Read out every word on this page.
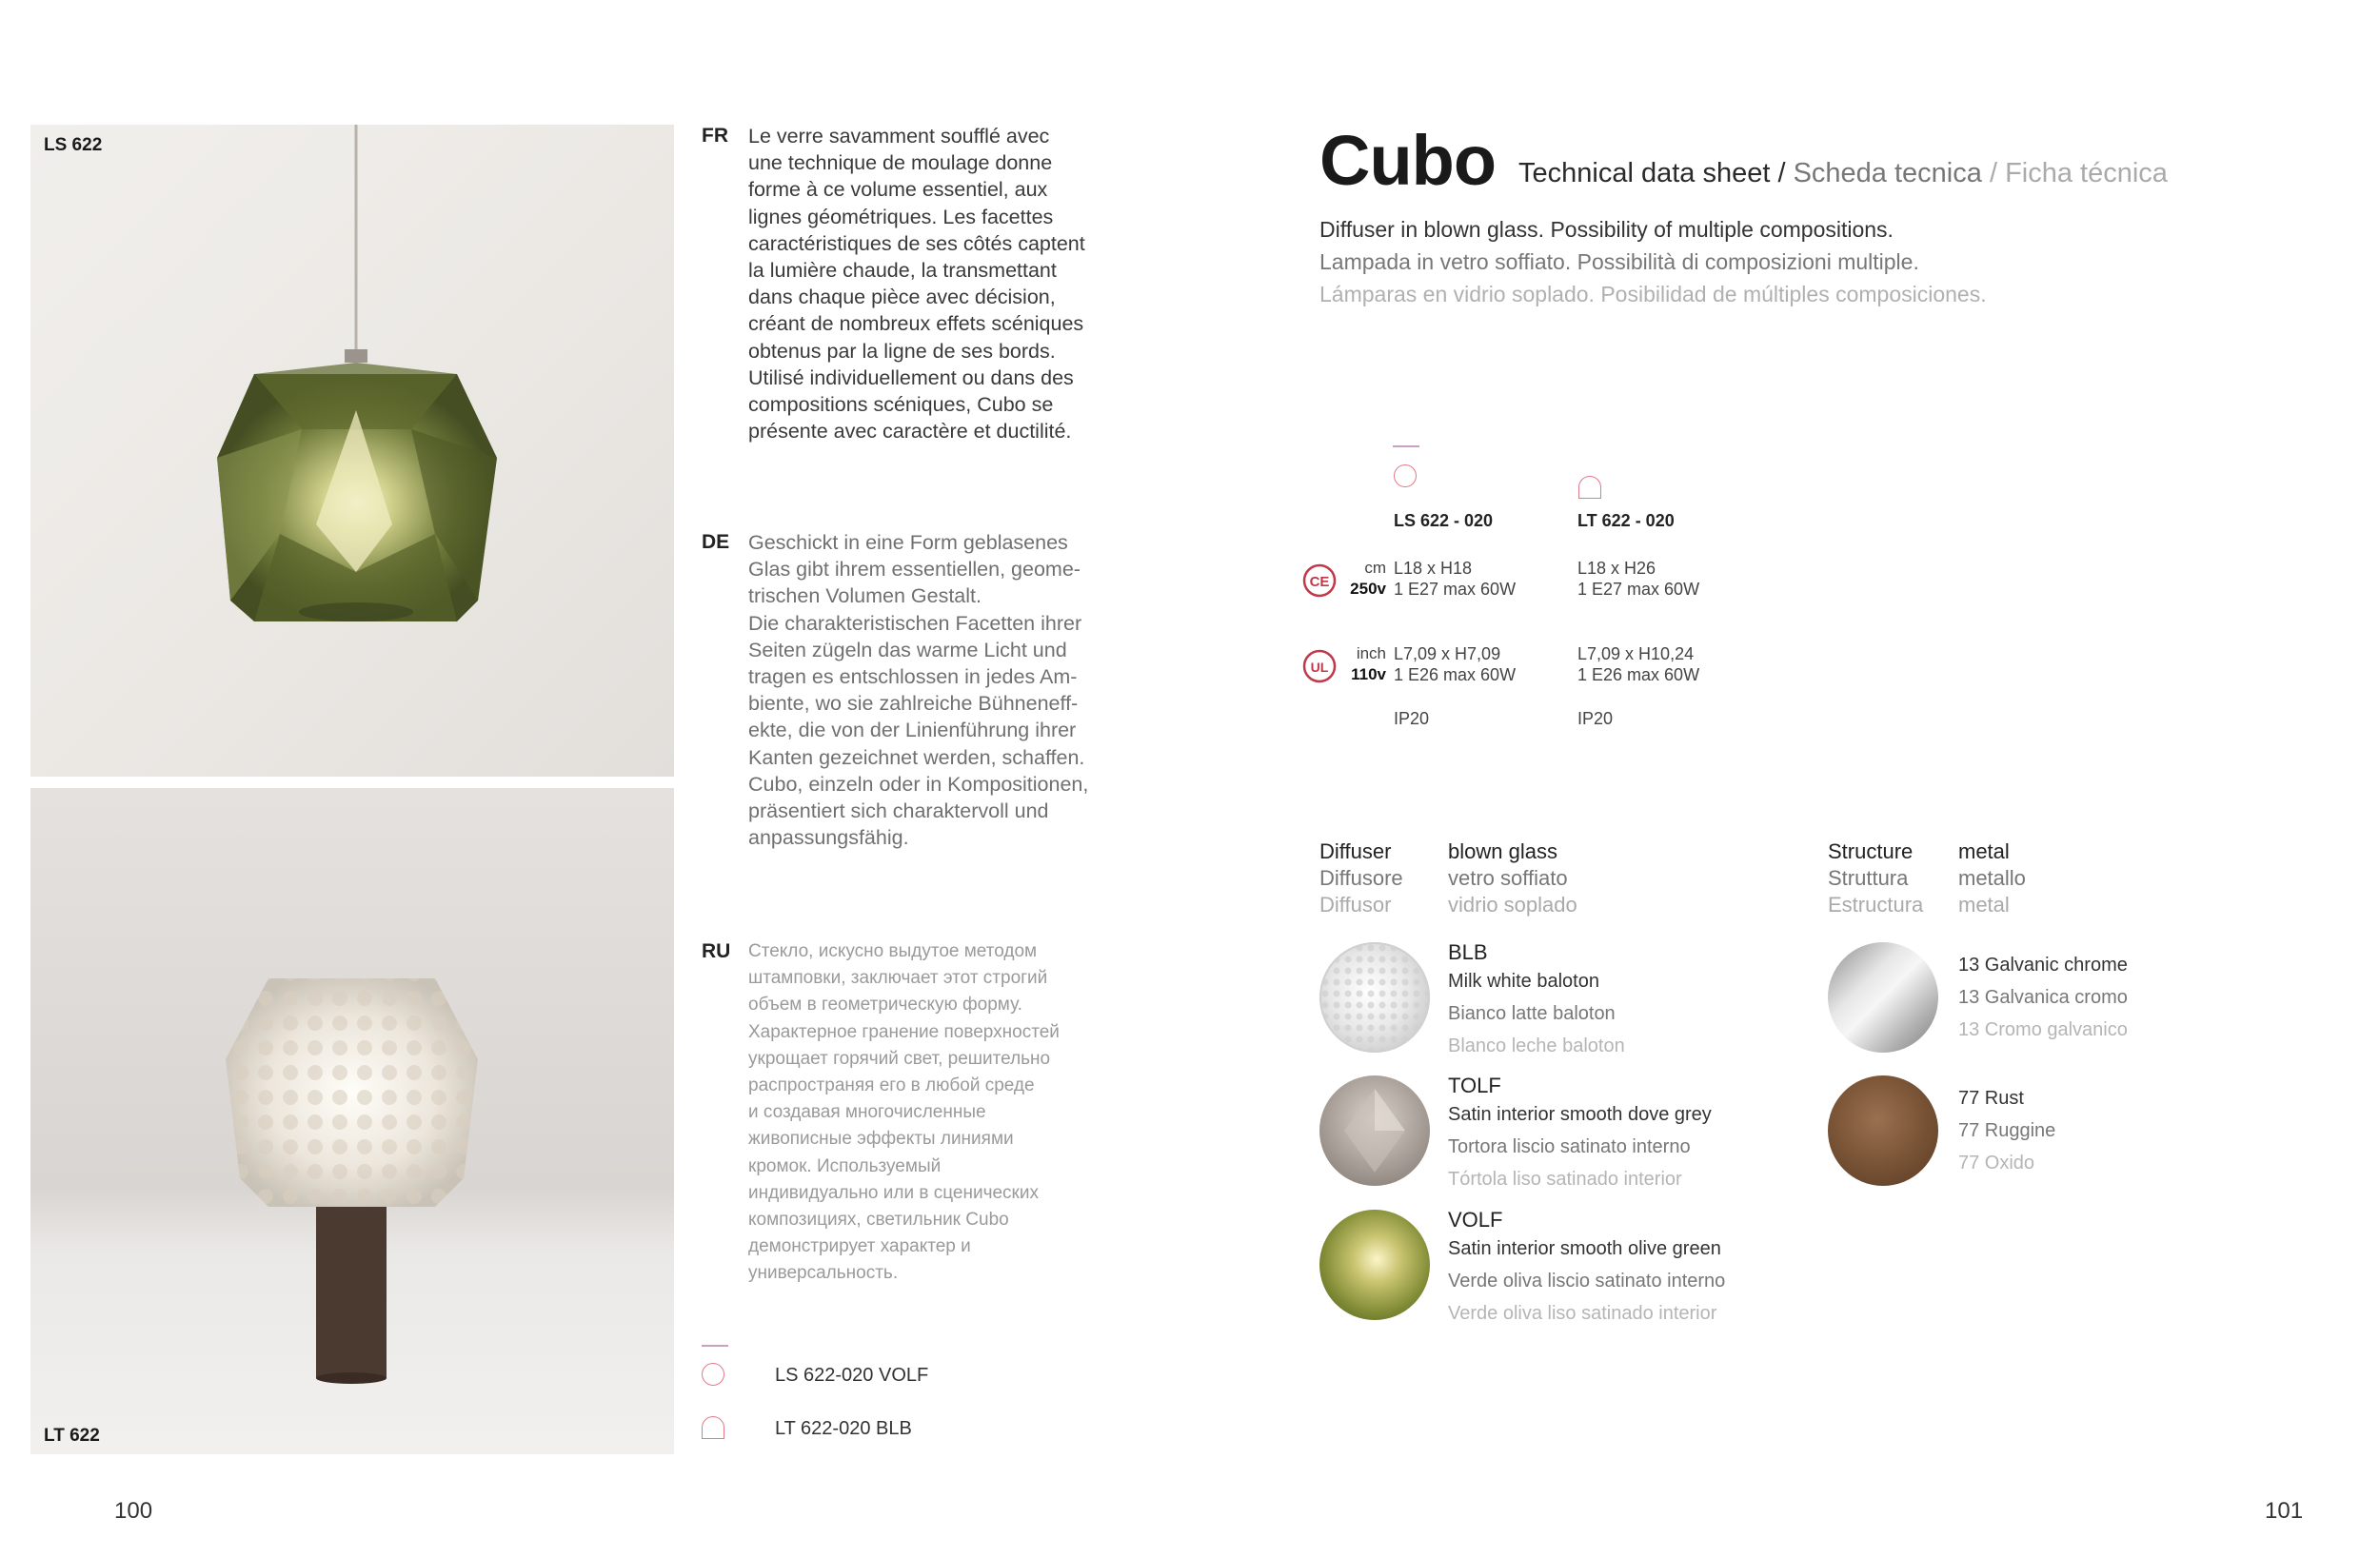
LS 622
LT 622
FR Le verre savamment soufflé avec
une technique de moulage donne
forme à ce volume essentiel, aux
lignes géométriques. Les facettes
caractéristiques de ses côtés captent
la lumière chaude, la transmettant
dans chaque pièce avec décision,
créant de nombreux effets scéniques
obtenus par la ligne de ses bords.
Utilisé individuellement ou dans des
compositions scéniques, Cubo se
présente avec caractère et ductilité.
DE Geschickt in eine Form geblasenes
Glas gibt ihrem essentiellen, geome-
trischen Volumen Gestalt.
Die charakteristischen Facetten ihrer
Seiten zügeln das warme Licht und
tragen es entschlossen in jedes Am-
biente, wo sie zahlreiche Bühneneff-
ekte, die von der Linienführung ihrer
Kanten gezeichnet werden, schaffen.
Cubo, einzeln oder in Kompositionen,
präsentiert sich charaktervoll und
anpassungsfähig.
RU Стекло, искусно выдутое методом
штамповки, заключает этот строгий
объем в геометрическую форму.
Характерное гранение поверхностей
укрощает горячий свет, решительно
распространяя его в любой среде
и создавая многочисленные
живописные эффекты линиями
кромок. Используемый
индивидуально или в сценических
композициях, светильник Cubo
демонстрирует характер и
универсальность.
LS 622-020 VOLF
LT 622-020 BLB
100
Cubo Technical data sheet / Scheda tecnica / Ficha técnica
Diffuser in blown glass. Possibility of multiple compositions.
Lampada in vetro soffiato. Possibilità di composizioni multiple.
Lámparas en vidrio soplado. Posibilidad de múltiples composiciones.
LS 622 - 020	LT 622 - 020
CE
cm
250v
L18 x H18
1 E27 max 60W
L18 x H26
1 E27 max 60W
UL
inch
110v
L7,09 x H7,09
1 E26 max 60W
L7,09 x H10,24
1 E26 max 60W
IP20	IP20
Diffuser
Diffusore
Diffusor
blown glass
vetro soffiato
vidrio soplado
Structure
Struttura
Estructura
metal
metallo
metal
BLB
Milk white baloton
Bianco latte baloton
Blanco leche baloton
TOLF
Satin interior smooth dove grey
Tortora liscio satinato interno
Tórtola liso satinado interior
VOLF
Satin interior smooth olive green
Verde oliva liscio satinato interno
Verde oliva liso satinado interior
13 Galvanic chrome
13 Galvanica cromo
13 Cromo galvanico
77 Rust
77 Ruggine
77 Oxido
101
